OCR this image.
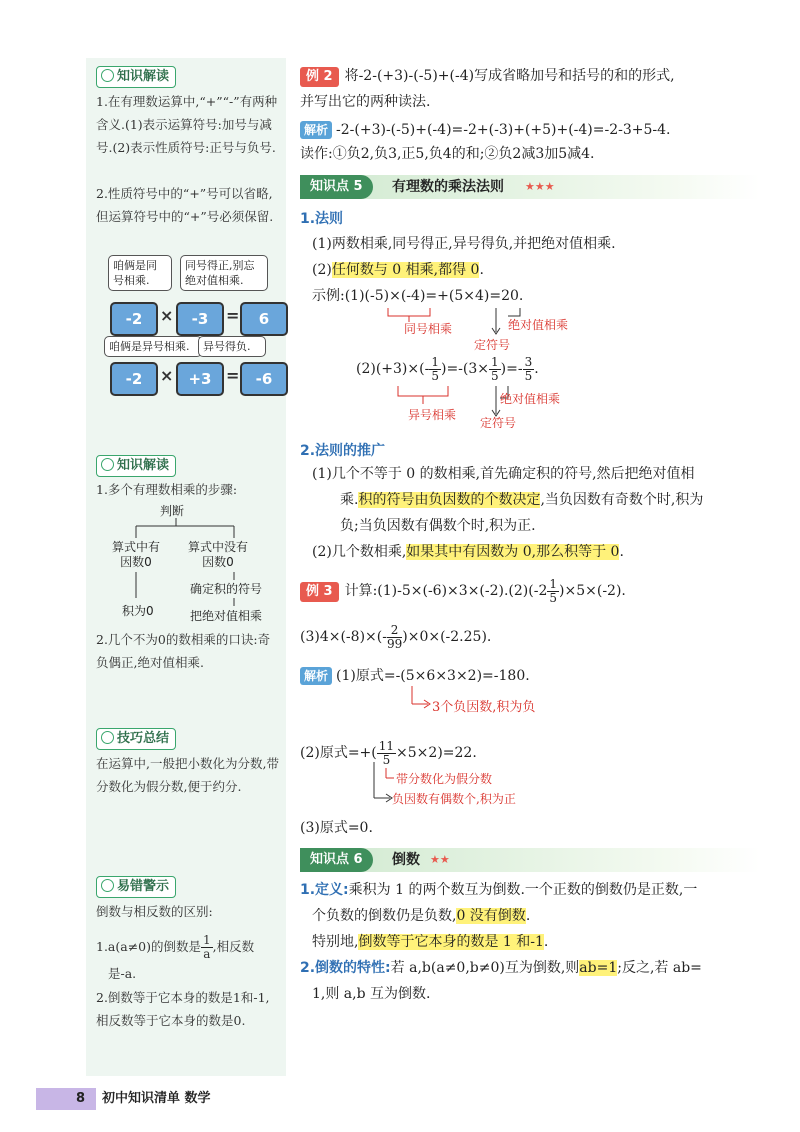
知识解读
1.在有理数运算中,“+”“-”有两种含义.(1)表示运算符号:加号与减号.(2)表示性质符号:正号与负号.
2.性质符号中的“+”号可以省略,但运算符号中的“+”号必须保留.
咱俩是同号相乘.
同号得正,别忘绝对值相乘.
-2	×	-3	=	6
咱俩是异号相乘.	异号得负.
-2	×	+3 =	-6
知识解读
1.多个有理数相乘的步骤:
判断
算式中有因数0
算式中没有因数0
确定积的符号
积为0	把绝对值相乘
2.几个不为0的数相乘的口诀:奇负偶正,绝对值相乘.
技巧总结
在运算中,一般把小数化为分数,带分数化为假分数,便于约分.
易错警示
倒数与相反数的区别:
1.a(a≠0)的倒数是 $\frac{1}{a}$ ,相反数
是-a.
2.倒数等于它本身的数是1和-1,相反数等于它本身的数是0.
例 2 将-2-(+3)-(-5)+(-4)写成省略加号和括号的和的形式,
并写出它的两种读法.
解析 -2-(+3)-(-5)+(-4)=-2+(-3)+(+5)+(-4)=-2-3+5-4.
读作:①负2,负3,正5,负4的和;②负2减3加5减4.
知识点 5	有理数的乘法法则 ★★★
1.法则
(1)两数相乘,同号得正,异号得负,并把绝对值相乘.
(2)任何数与 0 相乘,都得 0.
示例:(1)(-5)×(-4)=+(5×4)=20.
同号相乘	绝对值相乘
定符号
$(2)(+3)\times(- \frac{1}{5} )=-(3\times \frac{1}{5}$ )=- $\frac{3}{5}$ .
异号相乘
绝对值相乘
定符号
2.法则的推广
(1)几个不等于 0 的数相乘,首先确定积的符号,然后把绝对值相
乘.积的符号由负因数的个数决定,当负因数有奇数个时,积为
负;当负因数有偶数个时,积为正.
(2)几个数相乘,如果其中有因数为 0,那么积等于 0.
例 3 计算:(1)-5×(-6)×3×(-2).(2)(-2 $\frac{1}{5} )\times 5\times(-2)$.
$(3)4\times(-8)\times(- \frac{2}{99} )\times 0\times(-2.25)$.
解析 (1)原式=-(5×6×3×2)=-180.
3个负因数,积为负
(2)原式=+( $\frac{11}{5} \times 5\times 2)=22$.
带分数化为假分数
负因数有偶数个,积为正
(3)原式=0.
知识点 6	倒数 ★★
1.定义:乘积为 1 的两个数互为倒数.一个正数的倒数仍是正数,一
个负数的倒数仍是负数,0 没有倒数.
特别地,倒数等于它本身的数是 1 和-1.
2.倒数的特性:若 a,b(a≠0,b≠0)互为倒数,则ab=1;反之,若 ab=
1,则 a,b 互为倒数.
8 初中知识清单 数学
